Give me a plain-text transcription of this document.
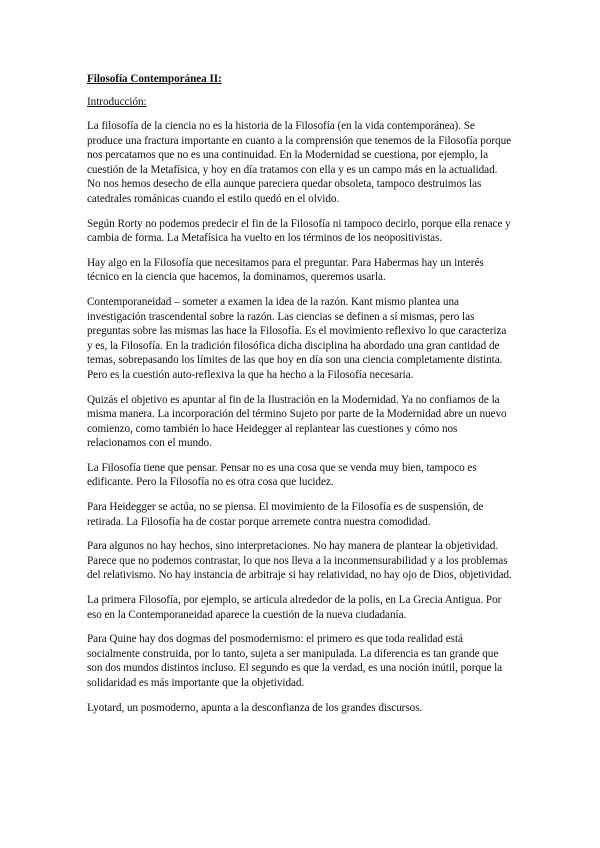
Filosofía Contemporánea II:
Introducción:

La filosofía de la ciencia no es la historia de la Filosofía (en la vida contemporánea). Se produce una fractura importante en cuanto a la comprensión que tenemos de la Filosofía porque nos percatamos que no es una continuidad. En la Modernidad se cuestiona, por ejemplo, la cuestión de la Metafísica, y hoy en día tratamos con ella y es un campo más en la actualidad. No nos hemos desecho de ella aunque pareciera quedar obsoleta, tampoco destruimos las catedrales románicas cuando el estilo quedó en el olvido.

Según Rorty no podemos predecir el fin de la Filosofía ni tampoco decirlo, porque ella renace y cambia de forma. La Metafísica ha vuelto en los términos de los neopositivistas.

Hay algo en la Filosofía que necesitamos para el preguntar. Para Habermas hay un interés técnico en la ciencia que hacemos, la dominamos, queremos usarla.

Contemporaneidad – someter a examen la idea de la razón. Kant mismo plantea una investigación trascendental sobre la razón. Las ciencias se definen a sí mismas, pero las preguntas sobre las mismas las hace la Filosofía. Es el movimiento reflexivo lo que caracteriza y es, la Filosofía. En la tradición filosófica dicha disciplina ha abordado una gran cantidad de temas, sobrepasando los límites de las que hoy en día son una ciencia completamente distinta. Pero es la cuestión auto-reflexiva la que ha hecho a la Filosofía necesaria.

Quizás el objetivo es apuntar al fin de la Ilustración en la Modernidad. Ya no confiamos de la misma manera. La incorporación del término Sujeto por parte de la Modernidad abre un nuevo comienzo, como también lo hace Heidegger al replantear las cuestiones y cómo nos relacionamos con el mundo.

La Filosofía tiene que pensar. Pensar no es una cosa que se venda muy bien, tampoco es edificante. Pero la Filosofía no es otra cosa que lucidez.

Para Heidegger se actúa, no se piensa. El movimiento de la Filosofía es de suspensión, de retirada. La Filosofía ha de costar porque arremete contra nuestra comodidad.

Para algunos no hay hechos, sino interpretaciones. No hay manera de plantear la objetividad. Parece que no podemos contrastar, lo que nos lleva a la inconmensurabilidad y a los problemas del relativismo. No hay instancia de arbitraje si hay relatividad, no hay ojo de Dios, objetividad.

La primera Filosofía, por ejemplo, se articula alrededor de la polis, en La Grecia Antigua. Por eso en la Contemporaneidad aparece la cuestión de la nueva ciudadanía.

Para Quine hay dos dogmas del posmodernismo: el primero es que toda realidad está socialmente construida, por lo tanto, sujeta a ser manipulada. La diferencia es tan grande que son dos mundos distintos incluso. El segundo es que la verdad, es una noción inútil, porque la solidaridad es más importante que la objetividad.

Lyotard, un posmoderno, apunta a la desconfianza de los grandes discursos.
